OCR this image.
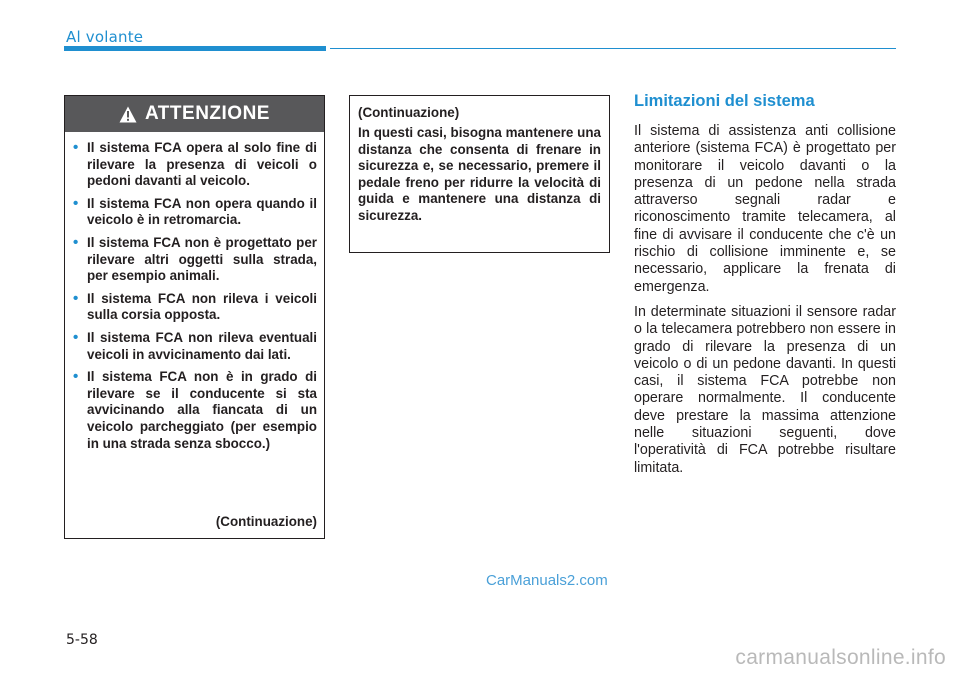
Al volante
ATTENZIONE
• Il sistema FCA opera al solo fine di rilevare la presenza di veicoli o pedoni davanti al veicolo.
• Il sistema FCA non opera quando il veicolo è in retromarcia.
• Il sistema FCA non è progettato per rilevare altri oggetti sulla strada, per esempio animali.
• Il sistema FCA non rileva i veicoli sulla corsia opposta.
• Il sistema FCA non rileva eventuali veicoli in avvicinamento dai lati.
• Il sistema FCA non è in grado di rilevare se il conducente si sta avvicinando alla fiancata di un veicolo parcheggiato (per esempio in una strada senza sbocco.)
(Continuazione)
(Continuazione)
In questi casi, bisogna mantenere una distanza che consenta di frenare in sicurezza e, se necessario, premere il pedale freno per ridurre la velocità di guida e mantenere una distanza di sicurezza.
Limitazioni del sistema

Il sistema di assistenza anti collisione anteriore (sistema FCA) è progettato per monitorare il veicolo davanti o la presenza di un pedone nella strada attraverso segnali radar e riconoscimento tramite telecamera, al fine di avvisare il conducente che c'è un rischio di collisione imminente e, se necessario, applicare la frenata di emergenza.

In determinate situazioni il sensore radar o la telecamera potrebbero non essere in grado di rilevare la presenza di un veicolo o di un pedone davanti. In questi casi, il sistema FCA potrebbe non operare normalmente. Il conducente deve prestare la massima attenzione nelle situazioni seguenti, dove l'operatività di FCA potrebbe risultare limitata.

CarManuals2.com
5-58
carmanualsonline.info
